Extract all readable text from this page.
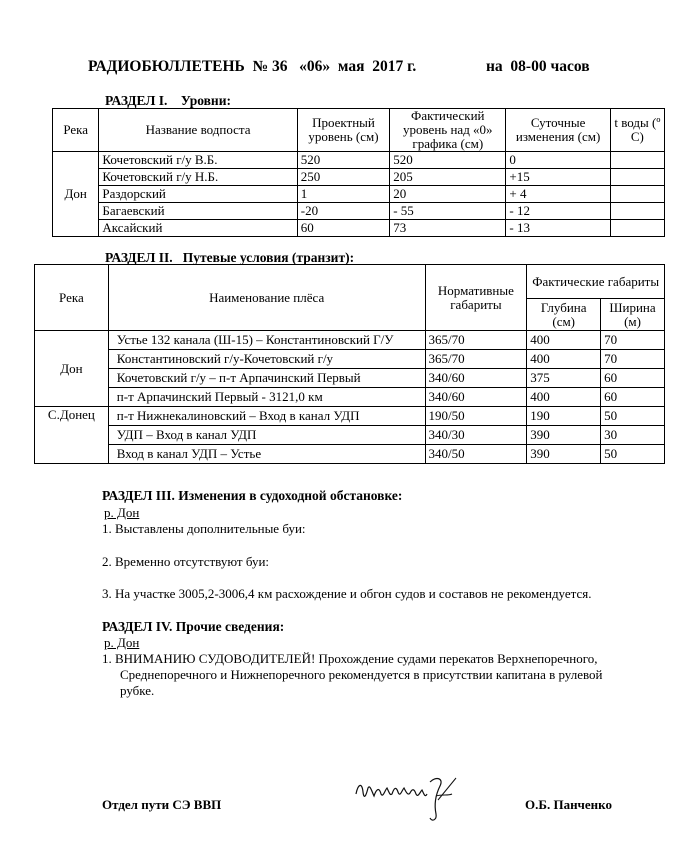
РАДИОБЮЛЛЕТЕНЬ № 36 «06»  мая  2017 г.	на  08-00 часов
РАЗДЕЛ I.    Уровни:
Река	Название водпоста	Проектный уровень (см)	Фактический уровень над «0» графика (см)	Суточные изменения (см)	t воды (º С)
Дон	Кочетовский г/у В.Б.	520	520	0	
	Кочетовский г/у Н.Б.	250	205	+15	
	Раздорский	1	20	+ 4	
	Багаевский	-20	- 55	- 12	
	Аксайский	60	73	- 13	
РАЗДЕЛ II.   Путевые условия (транзит):
Река	Наименование плёса	Нормативные габариты	Фактические габариты	
			Глубина (см)	Ширина (м)
Дон	Устье 132 канала (Ш-15) – Константиновский Г/У	365/70	400	70
	Константиновский г/у-Кочетовский г/у	365/70	400	70
	Кочетовский г/у – п-т Арпачинский Первый	340/60	375	60
	п-т Арпачинский Первый - 3121,0 км	340/60	400	60
С.Донец	п-т Нижнекалиновский – Вход в канал УДП	190/50	190	50
	УДП – Вход в канал УДП	340/30	390	30
	Вход в канал УДП – Устье	340/50	390	50
РАЗДЕЛ III. Изменения в судоходной обстановке:
р. Дон
1. Выставлены дополнительные буи:
2. Временно отсутствуют буи:
3. На участке 3005,2-3006,4 км расхождение и обгон судов и составов не рекомендуется.
РАЗДЕЛ IV. Прочие сведения:
р. Дон
1. ВНИМАНИЮ СУДОВОДИТЕЛЕЙ! Прохождение судами перекатов Верхнепоречного,
Среднепоречного и Нижнепоречного рекомендуется в присутствии капитана в рулевой
рубке.
Отдел пути СЭ ВВП	О.Б. Панченко
